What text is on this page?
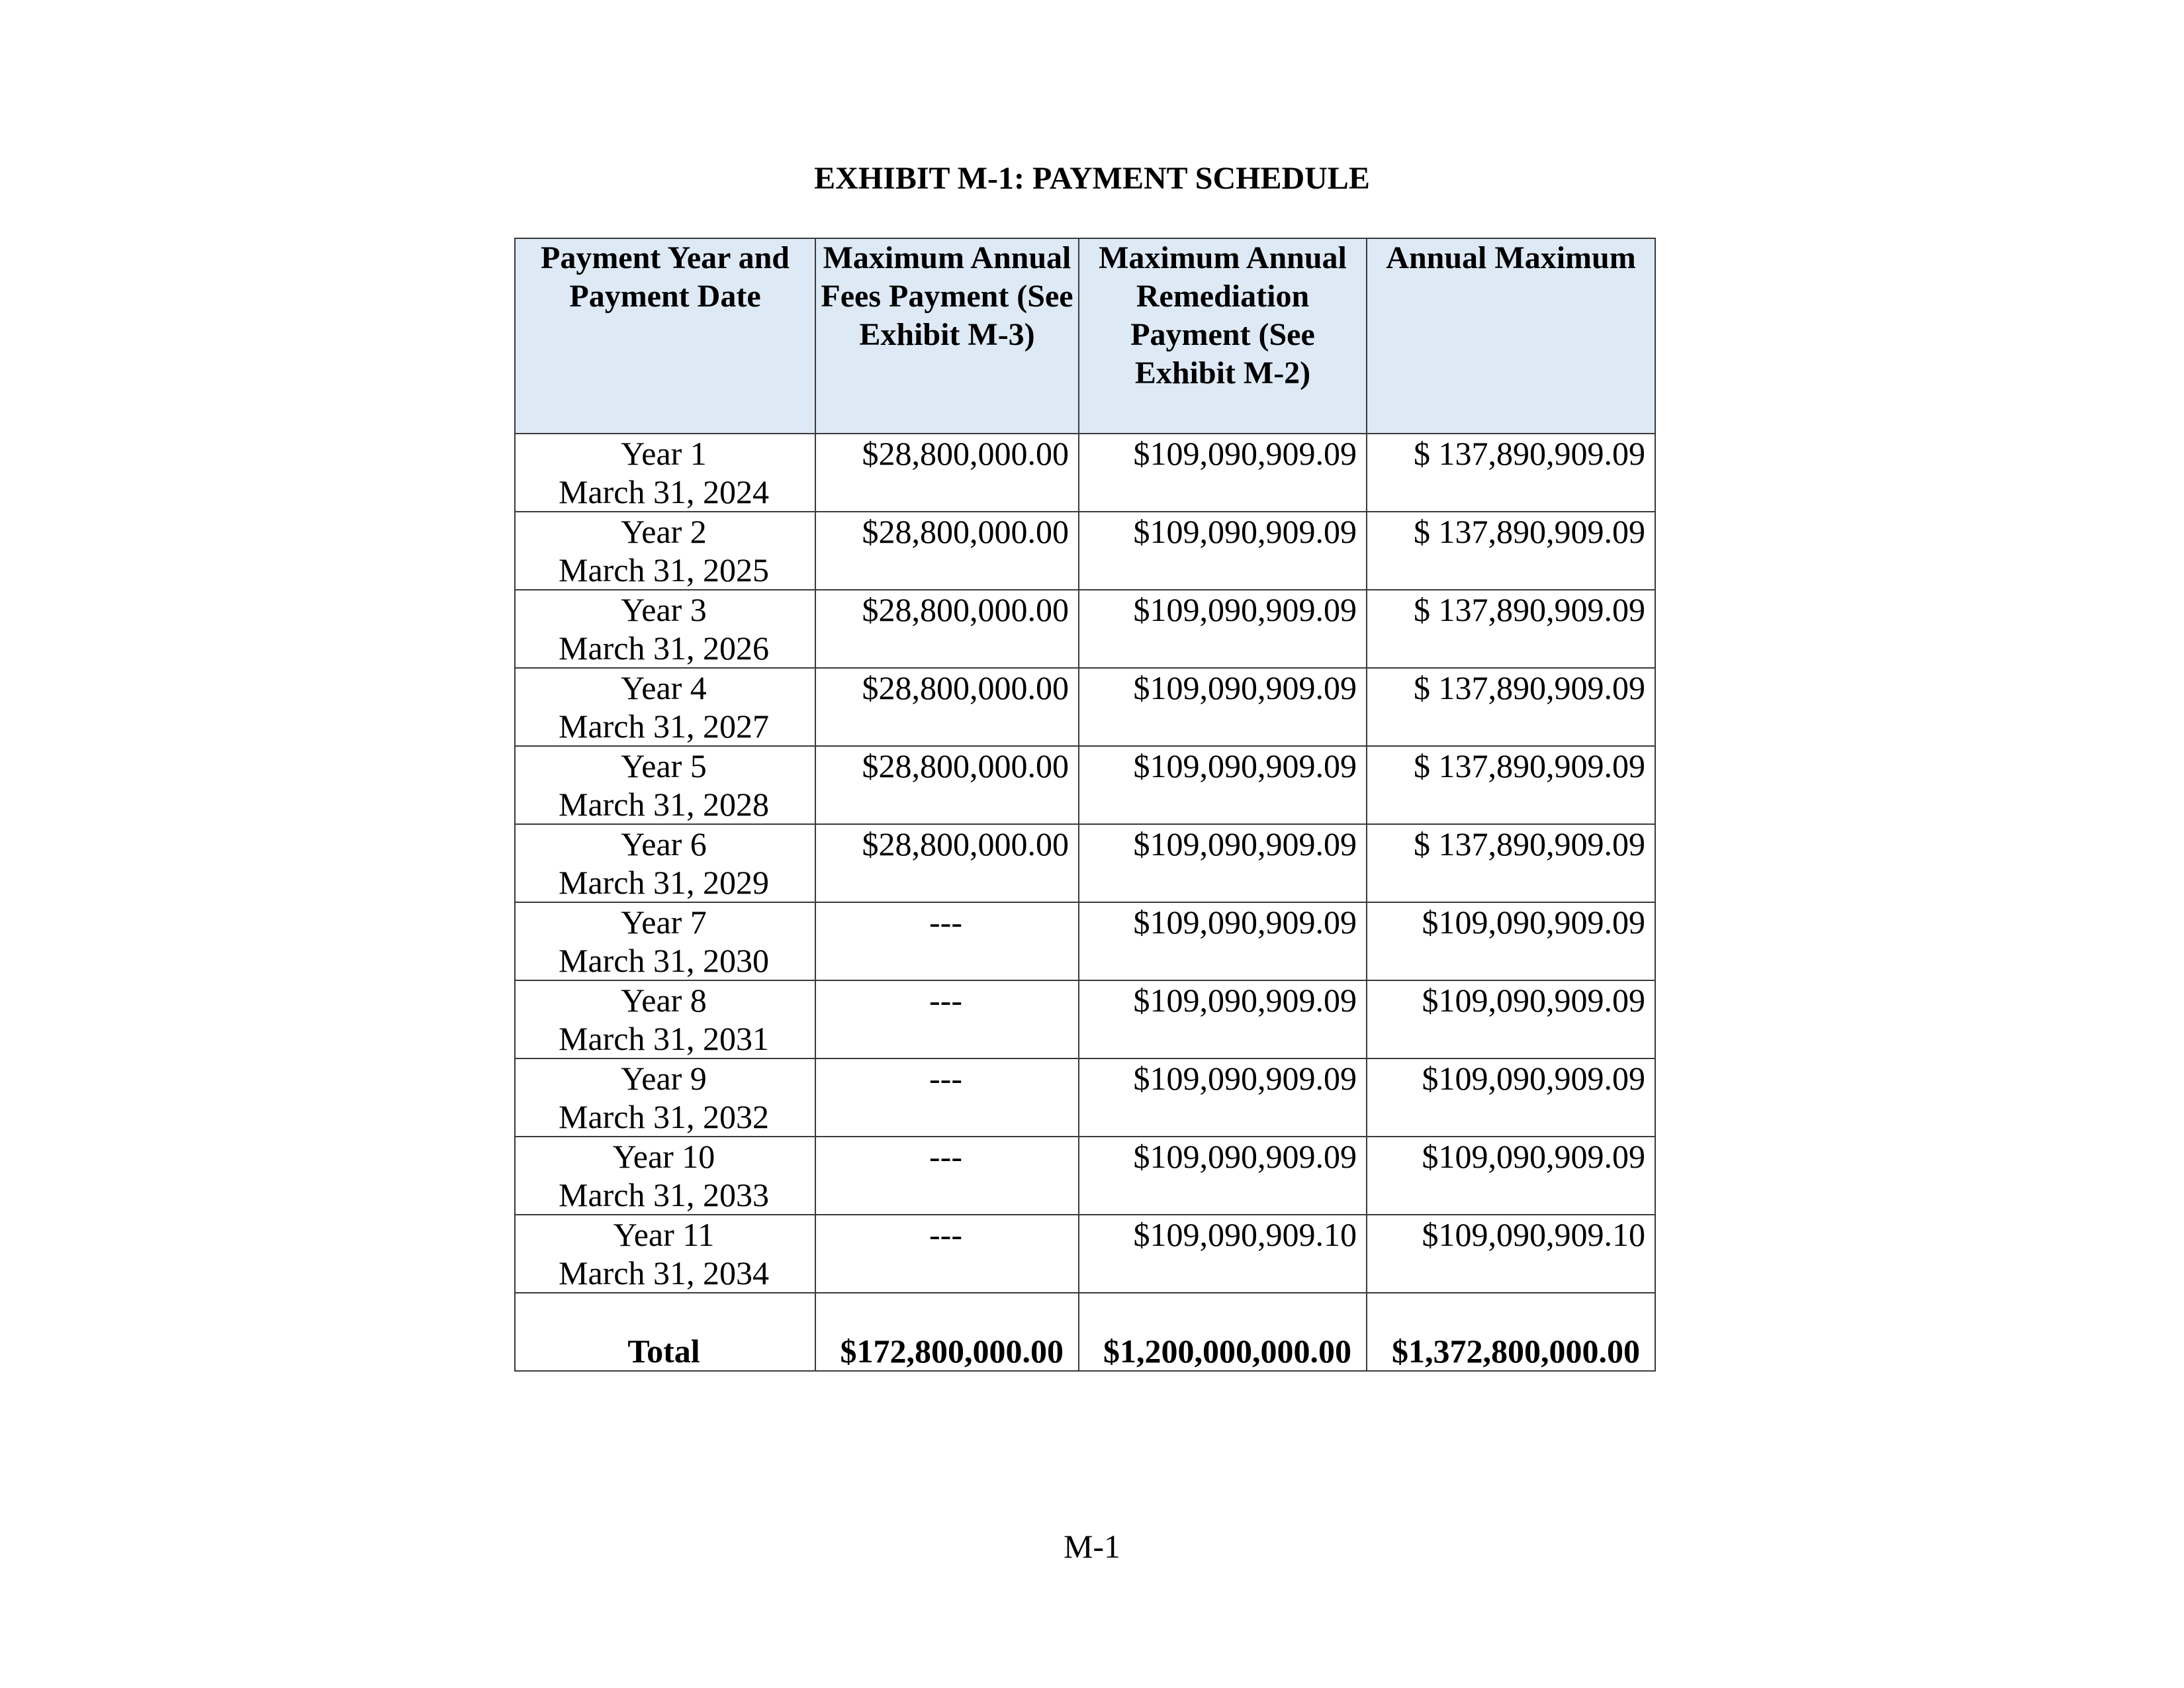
EXHIBIT M-1: PAYMENT SCHEDULE
Payment Year and Payment Date	Maximum Annual Fees Payment (See Exhibit M-3)	Maximum Annual Remediation Payment (See Exhibit M-2)	Annual Maximum

Year 1
March 31, 2024	$28,800,000.00	$109,090,909.09	$ 137,890,909.09

Year 2
March 31, 2025	$28,800,000.00	$109,090,909.09	$ 137,890,909.09

Year 3
March 31, 2026	$28,800,000.00	$109,090,909.09	$ 137,890,909.09

Year 4
March 31, 2027	$28,800,000.00	$109,090,909.09	$ 137,890,909.09

Year 5
March 31, 2028	$28,800,000.00	$109,090,909.09	$ 137,890,909.09

Year 6
March 31, 2029	$28,800,000.00	$109,090,909.09	$ 137,890,909.09

Year 7
March 31, 2030	---	$109,090,909.09	$109,090,909.09

Year 8
March 31, 2031	---	$109,090,909.09	$109,090,909.09

Year 9
March 31, 2032	---	$109,090,909.09	$109,090,909.09

Year 10
March 31, 2033	---	$109,090,909.09	$109,090,909.09

Year 11
March 31, 2034	---	$109,090,909.10	$109,090,909.10
Total	$172,800,000.00	$1,200,000,000.00	$1,372,800,000.00
M-1
